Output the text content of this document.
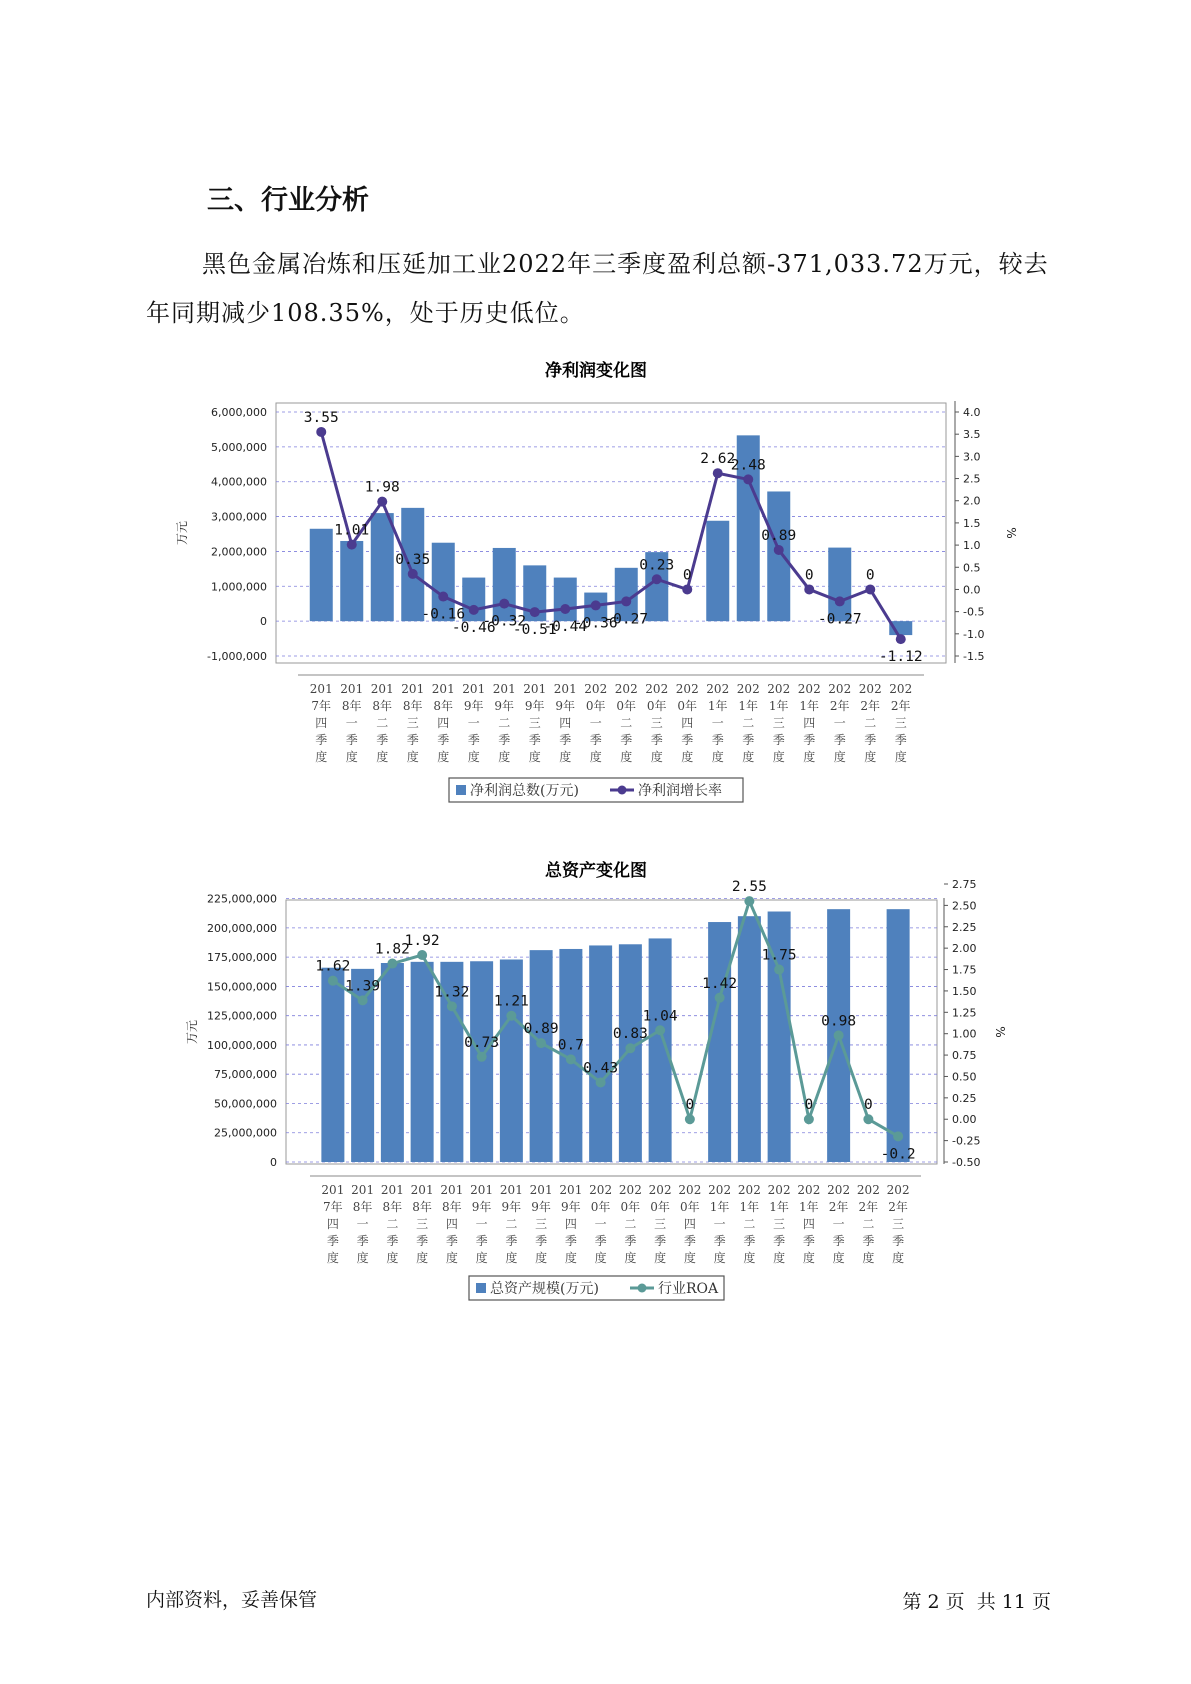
三、行业分析

黑色金属冶炼和压延加工业2022年三季度盈利总额-371,033.72万元，较去年同期减少108.35%，处于历史低位。

净利润变化图
6,000,000
5,000,000
4,000,000
3,000,000
2,000,000
1,000,000
0
-1,000,000
4.0
3.5
3.0
2.5
2.0
1.5
1.0
0.5
0.0
-0.5
-1.0
-1.5
万元	%
3.55
1.01
1.98
0.35
-0.16
-0.46
-0.32
-0.51
-0.44
-0.36
-0.27
0.23
0
2.62
2.48
0.89
0
-0.27
0
-1.12
201
7年
四
季
度
201
8年
一
季
度
201
8年
二
季
度
201
8年
三
季
度
201
8年
四
季
度
201
9年
一
季
度
201
9年
二
季
度
201
9年
三
季
度
201
9年
四
季
度
202
0年
一
季
度
202
0年
二
季
度
202
0年
三
季
度
202
0年
四
季
度
202
1年
一
季
度
202
1年
二
季
度
202
1年
三
季
度
202
1年
四
季
度
202
2年
一
季
度
202
2年
二
季
度
202
2年
三
季
度
净利润总数(万元)	净利润增长率
总资产变化图
225,000,000
200,000,000
175,000,000
150,000,000
125,000,000
100,000,000
75,000,000
50,000,000
25,000,000
0
2.75
2.50
2.25
2.00
1.75
1.50
1.25
1.00
0.75
0.50
0.25
0.00
-0.25
-0.50
万元	%
1.62
1.39
1.82
1.92
1.32
0.73
1.21
0.89
0.7
0.43
0.83
1.04
0
1.42
2.55
1.75
0
0.98
0
-0.2
201
7年
四
季
度
201
8年
一
季
度
201
8年
二
季
度
201
8年
三
季
度
201
8年
四
季
度
201
9年
一
季
度
201
9年
二
季
度
201
9年
三
季
度
201
9年
四
季
度
202
0年
一
季
度
202
0年
二
季
度
202
0年
三
季
度
202
0年
四
季
度
202
1年
一
季
度
202
1年
二
季
度
202
1年
三
季
度
202
1年
四
季
度
202
2年
一
季
度
202
2年
二
季
度
202
2年
三
季
度
总资产规模(万元)	行业ROA
内部资料，妥善保管	第 2 页  共 11 页
